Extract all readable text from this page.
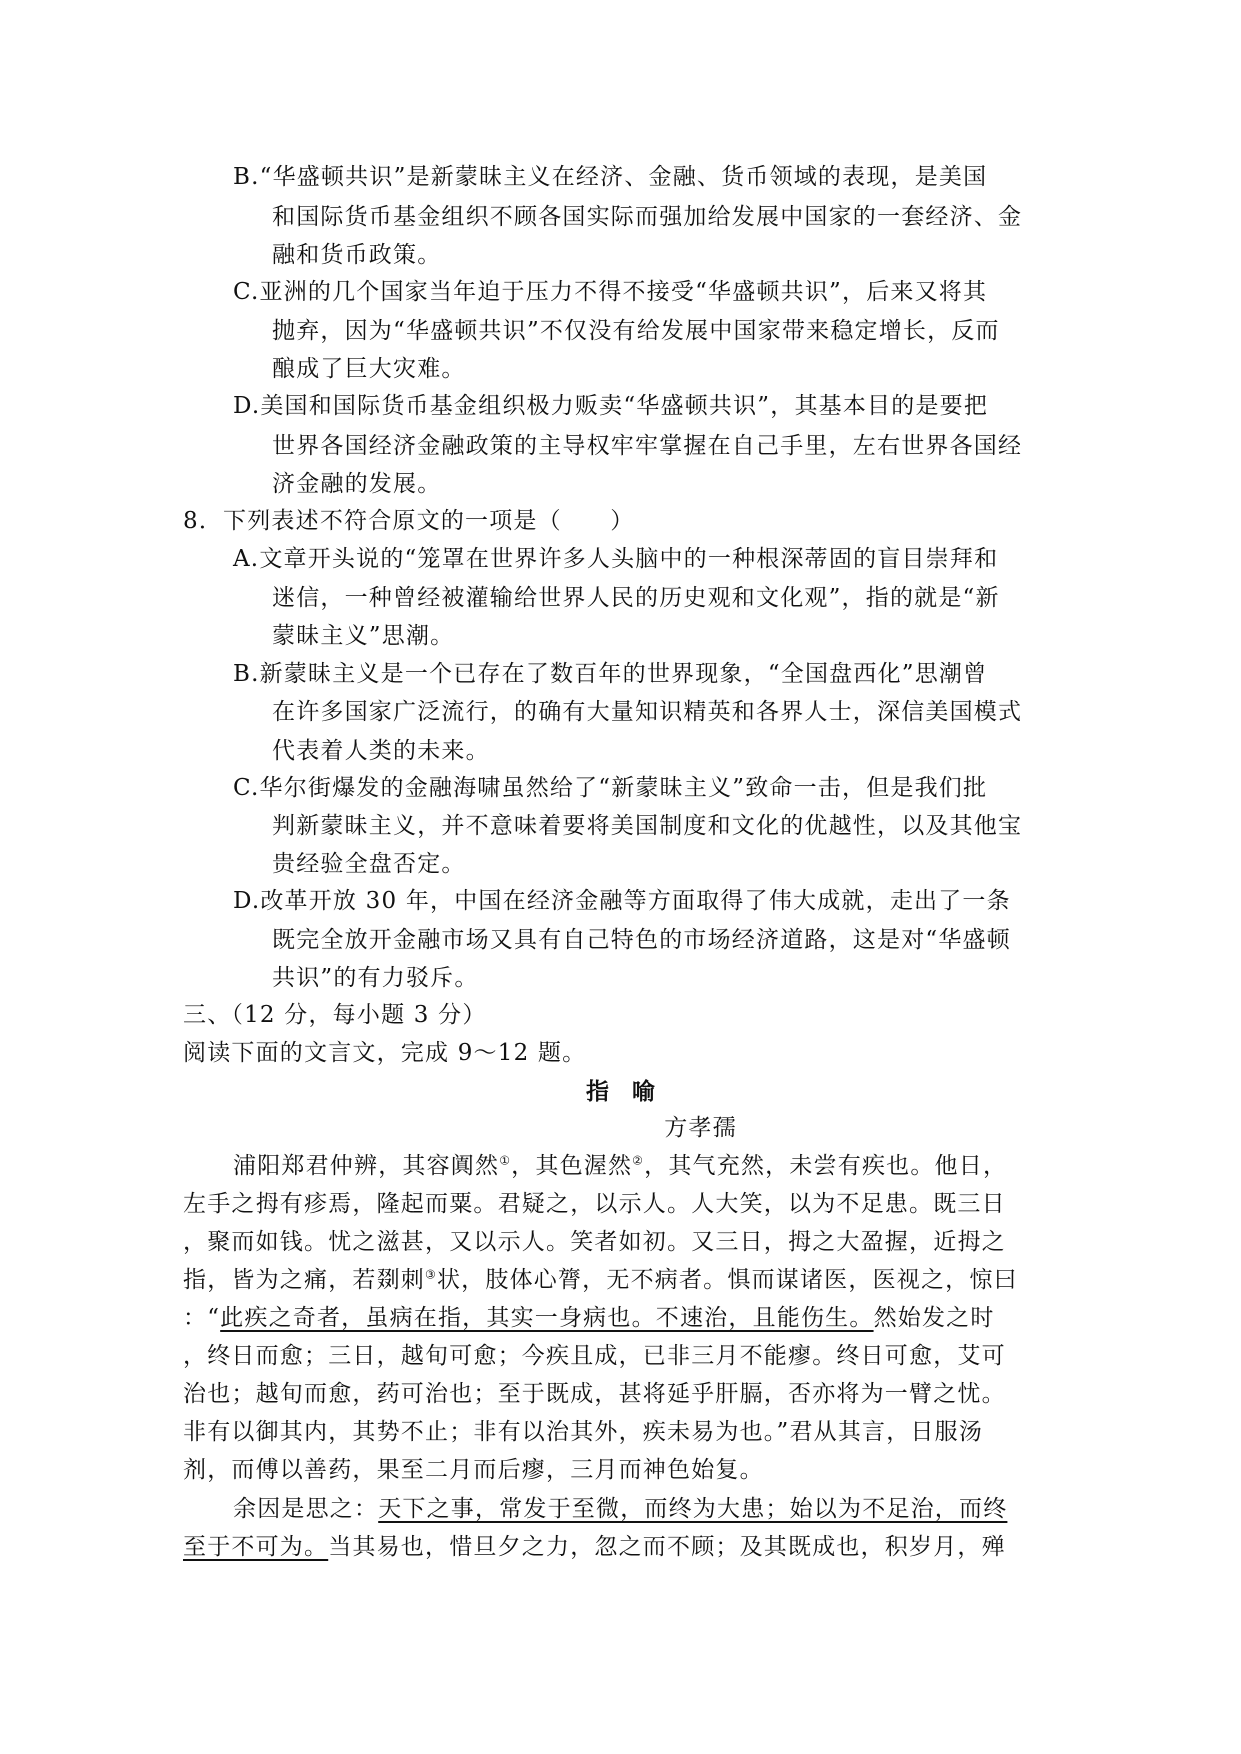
B.“华盛顿共识”是新蒙昧主义在经济、金融、货币领域的表现，是美国
和国际货币基金组织不顾各国实际而强加给发展中国家的一套经济、金
融和货币政策。
C.亚洲的几个国家当年迫于压力不得不接受“华盛顿共识”，后来又将其
抛弃，因为“华盛顿共识”不仅没有给发展中国家带来稳定增长，反而
酿成了巨大灾难。
D.美国和国际货币基金组织极力贩卖“华盛顿共识”，其基本目的是要把
世界各国经济金融政策的主导权牢牢掌握在自己手里，左右世界各国经
济金融的发展。
8．下列表述不符合原文的一项是（　　）
A.文章开头说的“笼罩在世界许多人头脑中的一种根深蒂固的盲目崇拜和
迷信，一种曾经被灌输给世界人民的历史观和文化观”，指的就是“新
蒙昧主义”思潮。
B.新蒙昧主义是一个已存在了数百年的世界现象，“全国盘西化”思潮曾
在许多国家广泛流行，的确有大量知识精英和各界人士，深信美国模式
代表着人类的未来。
C.华尔街爆发的金融海啸虽然给了“新蒙昧主义”致命一击，但是我们批
判新蒙昧主义，并不意味着要将美国制度和文化的优越性，以及其他宝
贵经验全盘否定。
D.改革开放 30 年，中国在经济金融等方面取得了伟大成就，走出了一条
既完全放开金融市场又具有自己特色的市场经济道路，这是对“华盛顿
共识”的有力驳斥。
三、（12 分，每小题 3 分）
阅读下面的文言文，完成 9～12 题。
指　喻
方孝孺
浦阳郑君仲辨，其容阗然①，其色渥然②，其气充然，未尝有疾也。他日，
左手之拇有疹焉，隆起而粟。君疑之，以示人。人大笑，以为不足患。既三日
，聚而如钱。忧之滋甚，又以示人。笑者如初。又三日，拇之大盈握，近拇之
指，皆为之痛，若剟刺③状，肢体心膂，无不病者。惧而谋诸医，医视之，惊曰
：“此疾之奇者，虽病在指，其实一身病也。不速治，且能伤生。然始发之时
，终日而愈；三日，越旬可愈；今疾且成，已非三月不能瘳。终日可愈，艾可
治也；越旬而愈，药可治也；至于既成，甚将延乎肝膈，否亦将为一臂之忧。
非有以御其内，其势不止；非有以治其外，疾未易为也。”君从其言，日服汤
剂，而傅以善药，果至二月而后瘳，三月而神色始复。
余因是思之：天下之事，常发于至微，而终为大患；始以为不足治，而终
至于不可为。当其易也，惜旦夕之力，忽之而不顾；及其既成也，积岁月，殚
